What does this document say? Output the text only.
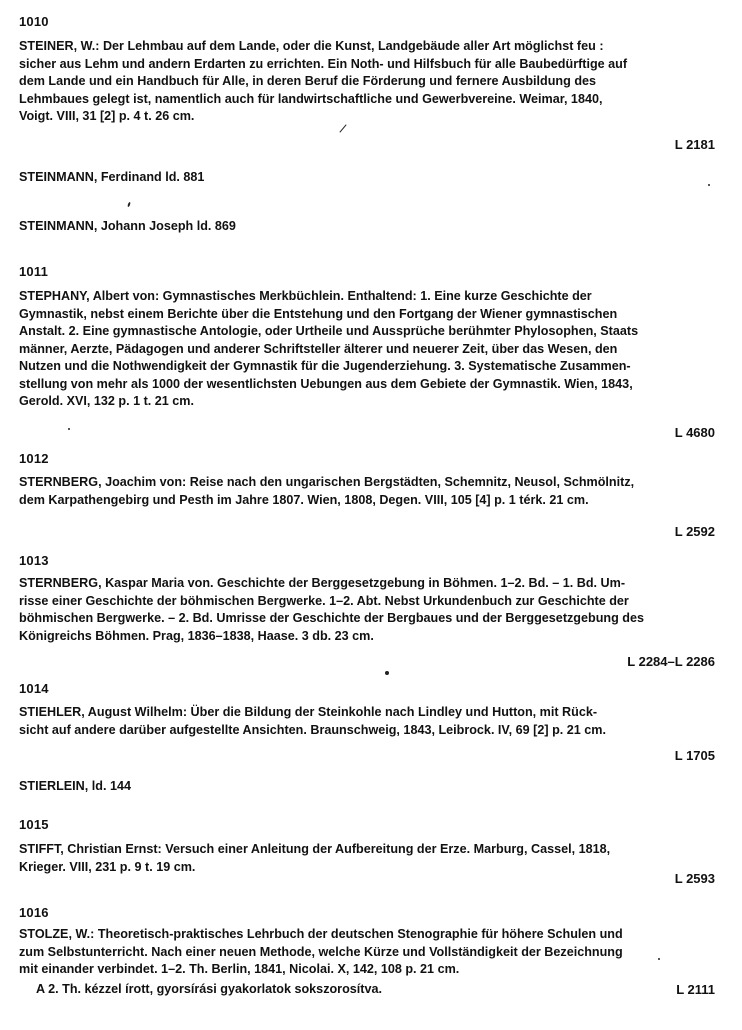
1010
STEINER, W.: Der Lehmbau auf dem Lande, oder die Kunst, Landgebäude aller Art möglichst feu :
sicher aus Lehm und andern Erdarten zu errichten. Ein Noth- und Hilfsbuch für alle Baubedürftige auf
dem Lande und ein Handbuch für Alle, in deren Beruf die Förderung und fernere Ausbildung des
Lehmbaues gelegt ist, namentlich auch für landwirtschaftliche und Gewerbvereine. Weimar, 1840,
Voigt. VIII, 31 [2] p. 4 t. 26 cm.
L 2181
STEINMANN, Ferdinand ld. 881
STEINMANN, Johann Joseph ld. 869
1011
STEPHANY, Albert von: Gymnastisches Merkbüchlein. Enthaltend: 1. Eine kurze Geschichte der
Gymnastik, nebst einem Berichte über die Entstehung und den Fortgang der Wiener gymnastischen
Anstalt. 2. Eine gymnastische Antologie, oder Urtheile und Aussprüche berühmter Phylosophen, Staats
männer, Aerzte, Pädagogen und anderer Schriftsteller älterer und neuerer Zeit, über das Wesen, den
Nutzen und die Nothwendigkeit der Gymnastik für die Jugenderziehung. 3. Systematische Zusammen-
stellung von mehr als 1000 der wesentlichsten Uebungen aus dem Gebiete der Gymnastik. Wien, 1843,
Gerold. XVI, 132 p. 1 t. 21 cm.
L 4680
1012
STERNBERG, Joachim von: Reise nach den ungarischen Bergstädten, Schemnitz, Neusol, Schmölnitz,
dem Karpathengebirg und Pesth im Jahre 1807. Wien, 1808, Degen. VIII, 105 [4] p. 1 térk. 21 cm.
L 2592
1013
STERNBERG, Kaspar Maria von. Geschichte der Berggesetzgebung in Böhmen. 1–2. Bd. – 1. Bd. Um-
risse einer Geschichte der böhmischen Bergwerke. 1–2. Abt. Nebst Urkundenbuch zur Geschichte der
böhmischen Bergwerke. – 2. Bd. Umrisse der Geschichte der Bergbaues und der Berggesetzgebung des
Königreichs Böhmen. Prag, 1836–1838, Haase. 3 db. 23 cm.
L 2284–L 2286
1014
STIEHLER, August Wilhelm: Über die Bildung der Steinkohle nach Lindley und Hutton, mit Rück-
sicht auf andere darüber aufgestellte Ansichten. Braunschweig, 1843, Leibrock. IV, 69 [2] p. 21 cm.
L 1705
STIERLEIN, ld. 144
1015
STIFFT, Christian Ernst: Versuch einer Anleitung der Aufbereitung der Erze. Marburg, Cassel, 1818,
Krieger. VIII, 231 p. 9 t. 19 cm.
L 2593
1016
STOLZE, W.: Theoretisch-praktisches Lehrbuch der deutschen Stenographie für höhere Schulen und
zum Selbstunterricht. Nach einer neuen Methode, welche Kürze und Vollständigkeit der Bezeichnung
mit einander verbindet. 1–2. Th. Berlin, 1841, Nicolai. X, 142, 108 p. 21 cm.
A 2. Th. kézzel írott, gyorsírási gyakorlatok sokszorosítva.	L 2111
